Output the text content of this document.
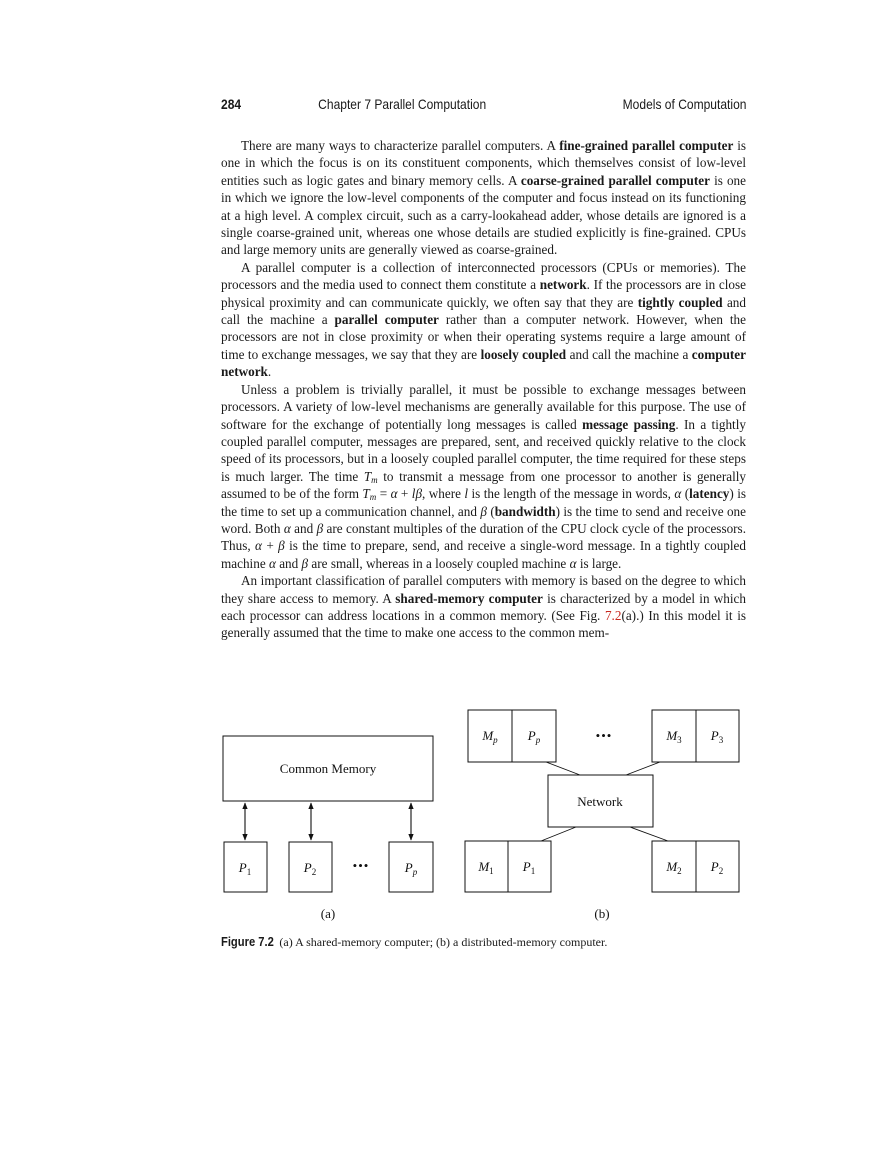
284	Chapter 7 Parallel Computation	Models of Computation

There are many ways to characterize parallel computers. A fine-grained parallel computer is one in which the focus is on its constituent components, which themselves consist of low-level entities such as logic gates and binary memory cells. A coarse-grained parallel computer is one in which we ignore the low-level components of the computer and focus instead on its functioning at a high level. A complex circuit, such as a carry-lookahead adder, whose details are ignored is a single coarse-grained unit, whereas one whose details are studied explicitly is fine-grained. CPUs and large memory units are generally viewed as coarse-grained.

A parallel computer is a collection of interconnected processors (CPUs or memories). The processors and the media used to connect them constitute a network. If the processors are in close physical proximity and can communicate quickly, we often say that they are tightly coupled and call the machine a parallel computer rather than a computer network. However, when the processors are not in close proximity or when their operating systems require a large amount of time to exchange messages, we say that they are loosely coupled and call the machine a computer network.

Unless a problem is trivially parallel, it must be possible to exchange messages between processors. A variety of low-level mechanisms are generally available for this purpose. The use of software for the exchange of potentially long messages is called message passing. In a tightly coupled parallel computer, messages are prepared, sent, and received quickly relative to the clock speed of its processors, but in a loosely coupled parallel computer, the time required for these steps is much larger. The time $T_m$ to transmit a message from one processor to another is generally assumed to be of the form $T_m = \alpha + l\beta$, where l is the length of the message in words, α (latency) is the time to set up a communication channel, and β (bandwidth) is the time to send and receive one word. Both α and β are constant multiples of the duration of the CPU clock cycle of the processors. Thus, α + β is the time to prepare, send, and receive a single-word message. In a tightly coupled machine α and β are small, whereas in a loosely coupled machine α is large.

An important classification of parallel computers with memory is based on the degree to which they share access to memory. A shared-memory computer is characterized by a model in which each processor can address locations in a common memory. (See Fig. 7.2(a).) In this model it is generally assumed that the time to make one access to the common mem-

Common Memory
$P_1$	$P_2$	•••	$P_p$
(a)
$M_p$ $P_p$	•••	$M_3$ $P_3$
Network
$M_1$ $P_1$	$M_2$ $P_2$
(b)
Figure 7.2 (a) A shared-memory computer; (b) a distributed-memory computer.
